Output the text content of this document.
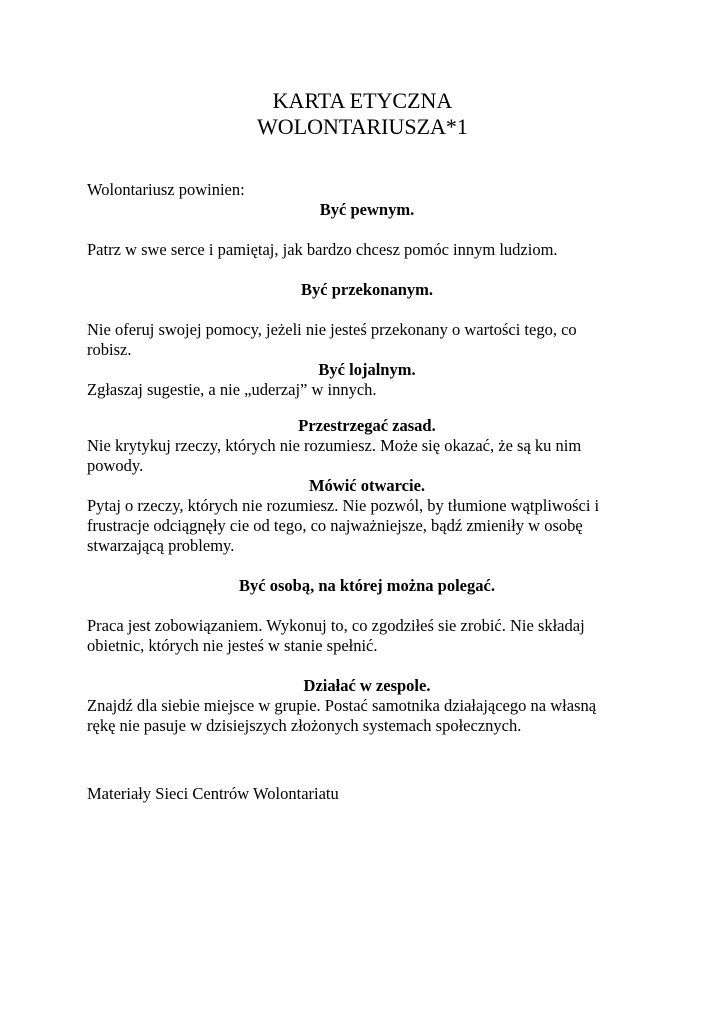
KARTA ETYCZNA
WOLONTARIUSZA*1

Wolontariusz powinien:

Być pewnym.

Patrz w swe serce i pamiętaj, jak bardzo chcesz pomóc innym ludziom.

Być przekonanym.

Nie oferuj swojej pomocy, jeżeli nie jesteś przekonany o wartości tego, co

robisz.

Być lojalnym.

Zgłaszaj sugestie, a nie „uderzaj” w innych.

Przestrzegać zasad.

Nie krytykuj rzeczy, których nie rozumiesz. Może się okazać, że są ku nim

powody.

Mówić otwarcie.

Pytaj o rzeczy, których nie rozumiesz. Nie pozwól, by tłumione wątpliwości i

frustracje odciągnęły cie od tego, co najważniejsze, bądź zmieniły w osobę

stwarzającą problemy.

Być osobą, na której można polegać.

Praca jest zobowiązaniem. Wykonuj to, co zgodziłeś sie zrobić. Nie składaj

obietnic, których nie jesteś w stanie spełnić.

Działać w zespole.

Znajdź dla siebie miejsce w grupie. Postać samotnika działającego na własną

rękę nie pasuje w dzisiejszych złożonych systemach społecznych.

Materiały Sieci Centrów Wolontariatu
